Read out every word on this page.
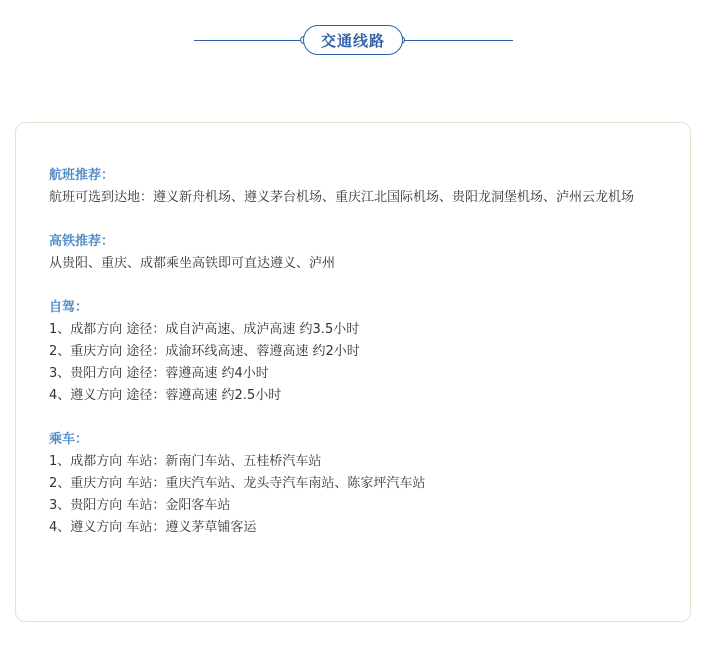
交通线路
航班推荐：
航班可选到达地：遵义新舟机场、遵义茅台机场、重庆江北国际机场、贵阳龙洞堡机场、泸州云龙机场
高铁推荐：
从贵阳、重庆、成都乘坐高铁即可直达遵义、泸州
自驾：
1、成都方向 途径：成自泸高速、成泸高速 约3.5小时
2、重庆方向 途径：成渝环线高速、蓉遵高速 约2小时
3、贵阳方向 途径：蓉遵高速 约4小时
4、遵义方向 途径：蓉遵高速 约2.5小时
乘车：
1、成都方向 车站：新南门车站、五桂桥汽车站
2、重庆方向 车站：重庆汽车站、龙头寺汽车南站、陈家坪汽车站
3、贵阳方向 车站：金阳客车站
4、遵义方向 车站：遵义茅草铺客运
